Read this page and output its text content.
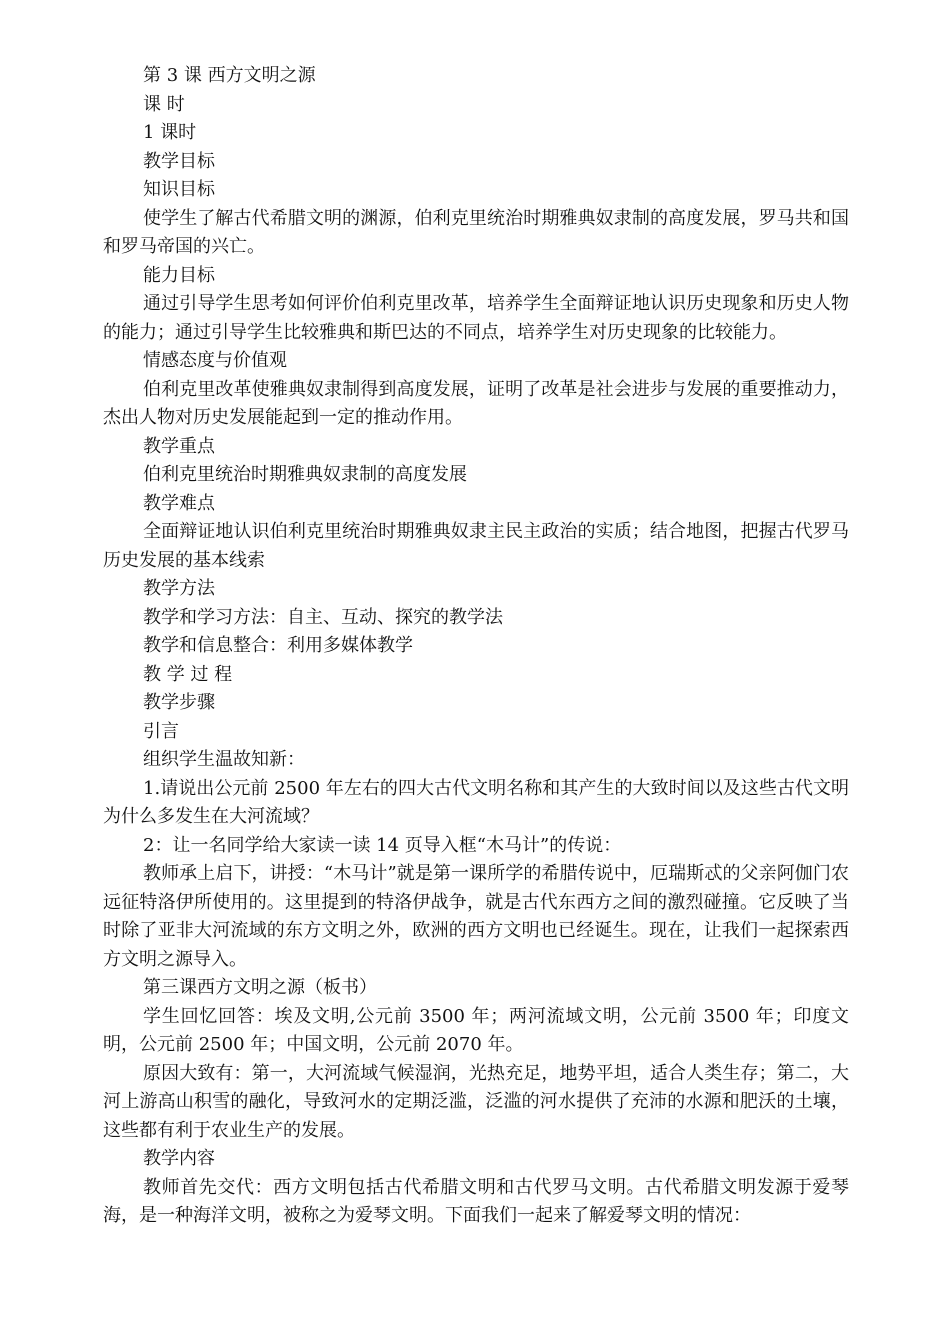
第 3 课 西方文明之源

课 时

1 课时

教学目标

知识目标

使学生了解古代希腊文明的渊源，伯利克里统治时期雅典奴隶制的高度发展，罗马共和国和罗马帝国的兴亡。

能力目标

通过引导学生思考如何评价伯利克里改革，培养学生全面辩证地认识历史现象和历史人物的能力；通过引导学生比较雅典和斯巴达的不同点，培养学生对历史现象的比较能力。

情感态度与价值观

伯利克里改革使雅典奴隶制得到高度发展，证明了改革是社会进步与发展的重要推动力，杰出人物对历史发展能起到一定的推动作用。

教学重点

伯利克里统治时期雅典奴隶制的高度发展

教学难点

全面辩证地认识伯利克里统治时期雅典奴隶主民主政治的实质；结合地图，把握古代罗马历史发展的基本线索

教学方法

教学和学习方法：自主、互动、探究的教学法

教学和信息整合：利用多媒体教学

教 学 过 程

教学步骤

引言

组织学生温故知新：

1.请说出公元前 2500 年左右的四大古代文明名称和其产生的大致时间以及这些古代文明为什么多发生在大河流域？

2：让一名同学给大家读一读 14 页导入框“木马计”的传说：

教师承上启下，讲授：“木马计”就是第一课所学的希腊传说中，厄瑞斯忒的父亲阿伽门农远征特洛伊所使用的。这里提到的特洛伊战争，就是古代东西方之间的激烈碰撞。它反映了当时除了亚非大河流域的东方文明之外，欧洲的西方文明也已经诞生。现在，让我们一起探索西方文明之源导入。

第三课西方文明之源（板书）

学生回忆回答：埃及文明,公元前 3500 年；两河流域文明，公元前 3500 年；印度文明，公元前 2500 年；中国文明，公元前 2070 年。

原因大致有：第一，大河流域气候湿润，光热充足，地势平坦，适合人类生存；第二，大河上游高山积雪的融化，导致河水的定期泛滥，泛滥的河水提供了充沛的水源和肥沃的土壤，这些都有利于农业生产的发展。

教学内容

教师首先交代：西方文明包括古代希腊文明和古代罗马文明。古代希腊文明发源于爱琴海，是一种海洋文明，被称之为爱琴文明。下面我们一起来了解爱琴文明的情况：
